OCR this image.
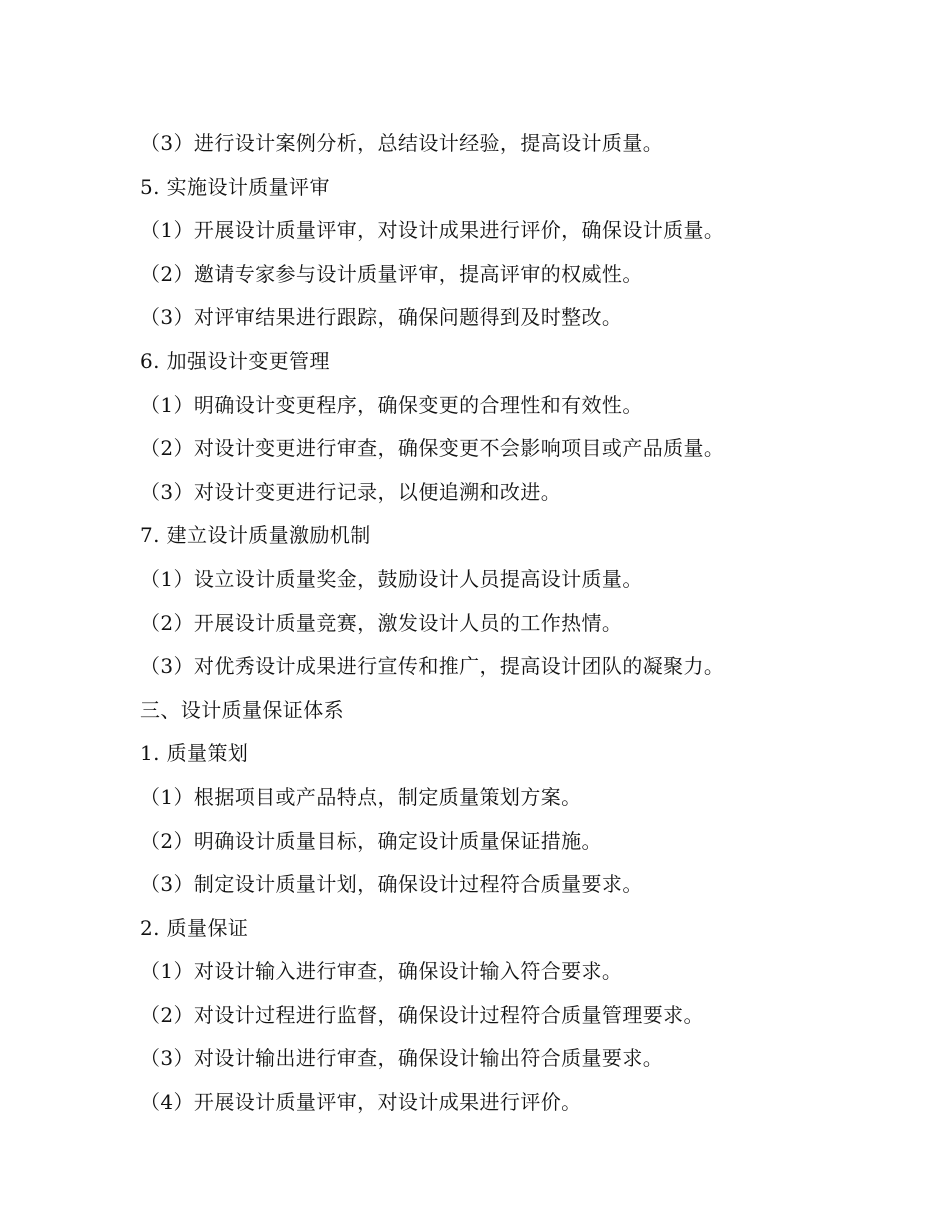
（3）进行设计案例分析，总结设计经验，提高设计质量。
5. 实施设计质量评审
（1）开展设计质量评审，对设计成果进行评价，确保设计质量。
（2）邀请专家参与设计质量评审，提高评审的权威性。
（3）对评审结果进行跟踪，确保问题得到及时整改。
6. 加强设计变更管理
（1）明确设计变更程序，确保变更的合理性和有效性。
（2）对设计变更进行审查，确保变更不会影响项目或产品质量。
（3）对设计变更进行记录，以便追溯和改进。
7. 建立设计质量激励机制
（1）设立设计质量奖金，鼓励设计人员提高设计质量。
（2）开展设计质量竞赛，激发设计人员的工作热情。
（3）对优秀设计成果进行宣传和推广，提高设计团队的凝聚力。
三、设计质量保证体系
1. 质量策划
（1）根据项目或产品特点，制定质量策划方案。
（2）明确设计质量目标，确定设计质量保证措施。
（3）制定设计质量计划，确保设计过程符合质量要求。
2. 质量保证
（1）对设计输入进行审查，确保设计输入符合要求。
（2）对设计过程进行监督，确保设计过程符合质量管理要求。
（3）对设计输出进行审查，确保设计输出符合质量要求。
（4）开展设计质量评审，对设计成果进行评价。
